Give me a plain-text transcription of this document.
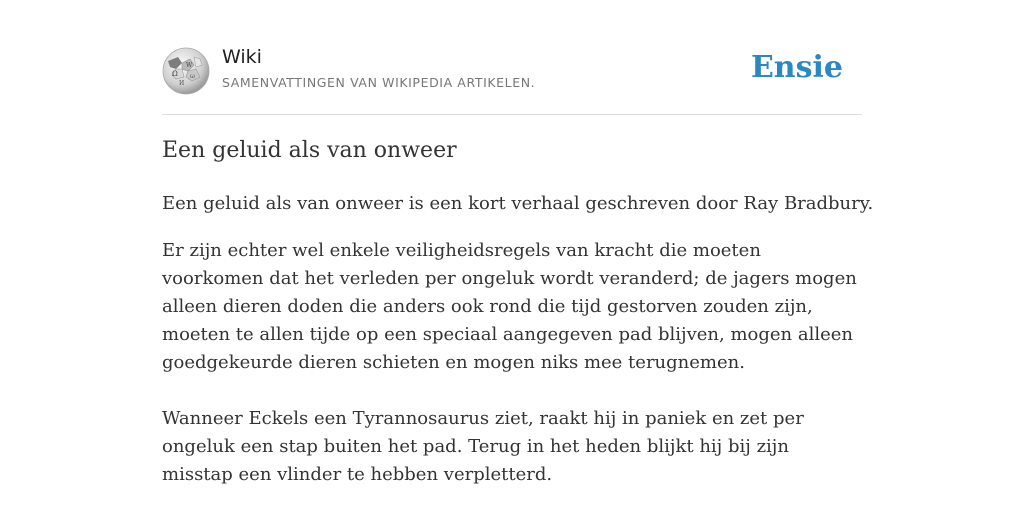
Ω
W
ω
И
Wiki
SAMENVATTINGEN VAN WIKIPEDIA ARTIKELEN.	Ensie
Een geluid als van onweer

Een geluid als van onweer is een kort verhaal geschreven door Ray Bradbury.

Er zijn echter wel enkele veiligheidsregels van kracht die moeten voorkomen dat het verleden per ongeluk wordt veranderd; de jagers mogen alleen dieren doden die anders ook rond die tijd gestorven zouden zijn, moeten te allen tijde op een speciaal aangegeven pad blijven, mogen alleen goedgekeurde dieren schieten en mogen niks mee terugnemen.

Wanneer Eckels een Tyrannosaurus ziet, raakt hij in paniek en zet per ongeluk een stap buiten het pad. Terug in het heden blijkt hij bij zijn misstap een vlinder te hebben verpletterd.
